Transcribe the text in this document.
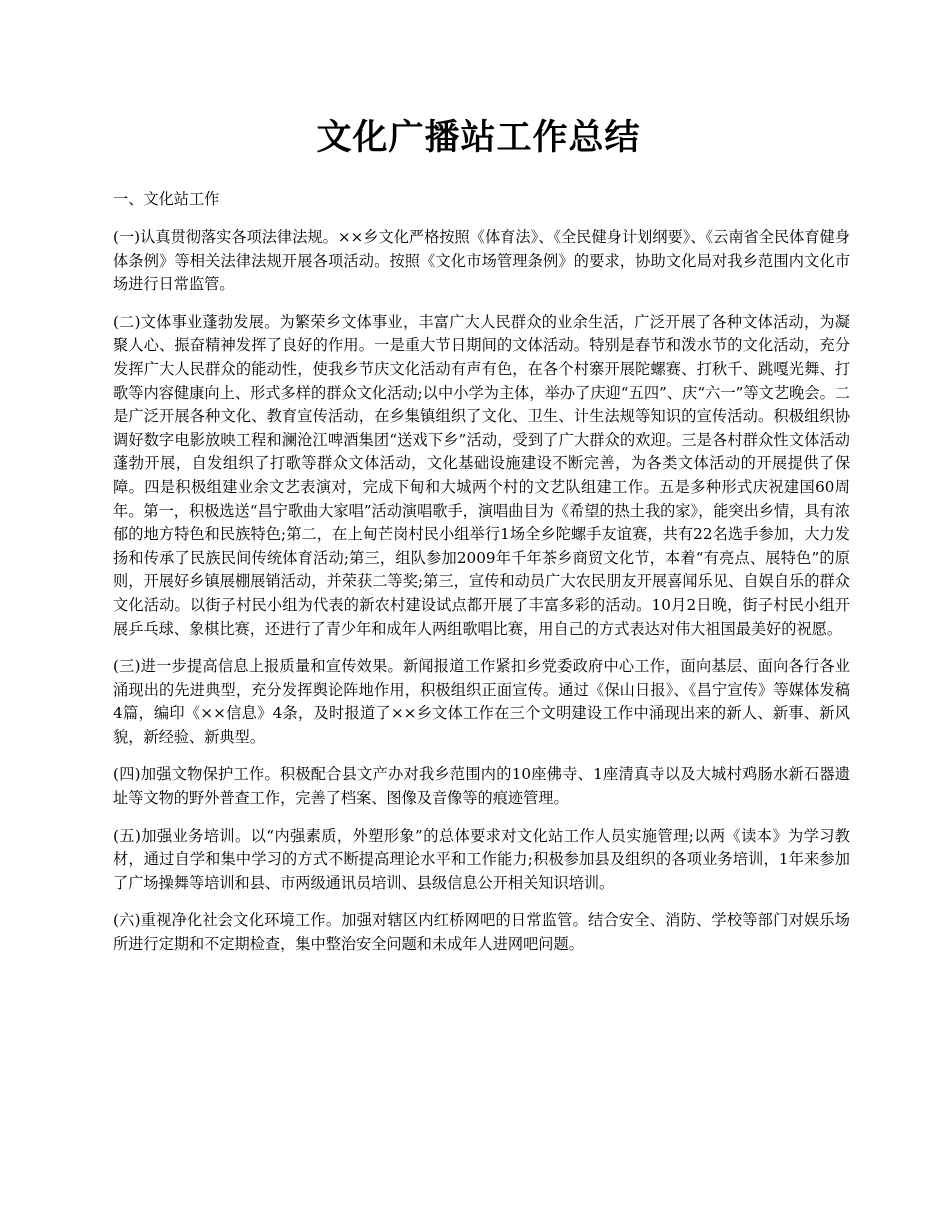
文化广播站工作总结

一、文化站工作

(一)认真贯彻落实各项法律法规。××乡文化严格按照《体育法》、《全民健身计划纲要》、《云南省全民体育健身体条例》等相关法律法规开展各项活动。按照《文化市场管理条例》的要求，协助文化局对我乡范围内文化市场进行日常监管。

(二)文体事业蓬勃发展。为繁荣乡文体事业，丰富广大人民群众的业余生活，广泛开展了各种文体活动，为凝聚人心、振奋精神发挥了良好的作用。一是重大节日期间的文体活动。特别是春节和泼水节的文化活动，充分发挥广大人民群众的能动性，使我乡节庆文化活动有声有色，在各个村寨开展陀螺赛、打秋千、跳嘎光舞、打歌等内容健康向上、形式多样的群众文化活动;以中小学为主体，举办了庆迎“五四”、庆“六一”等文艺晚会。二是广泛开展各种文化、教育宣传活动，在乡集镇组织了文化、卫生、计生法规等知识的宣传活动。积极组织协调好数字电影放映工程和澜沧江啤酒集团“送戏下乡”活动，受到了广大群众的欢迎。三是各村群众性文体活动蓬勃开展，自发组织了打歌等群众文体活动，文化基础设施建设不断完善，为各类文体活动的开展提供了保障。四是积极组建业余文艺表演对，完成下甸和大城两个村的文艺队组建工作。五是多种形式庆祝建国60周年。第一，积极选送“昌宁歌曲大家唱”活动演唱歌手，演唱曲目为《希望的热土我的家》，能突出乡情，具有浓郁的地方特色和民族特色;第二，在上甸芒岗村民小组举行1场全乡陀螺手友谊赛，共有22名选手参加，大力发扬和传承了民族民间传统体育活动;第三，组队参加2009年千年茶乡商贸文化节，本着“有亮点、展特色”的原则，开展好乡镇展棚展销活动，并荣获二等奖;第三，宣传和动员广大农民朋友开展喜闻乐见、自娱自乐的群众文化活动。以街子村民小组为代表的新农村建设试点都开展了丰富多彩的活动。10月2日晚，街子村民小组开展乒乓球、象棋比赛，还进行了青少年和成年人两组歌唱比赛，用自己的方式表达对伟大祖国最美好的祝愿。

(三)进一步提高信息上报质量和宣传效果。新闻报道工作紧扣乡党委政府中心工作，面向基层、面向各行各业涌现出的先进典型，充分发挥舆论阵地作用，积极组织正面宣传。通过《保山日报》、《昌宁宣传》等媒体发稿4篇，编印《××信息》4条，及时报道了××乡文体工作在三个文明建设工作中涌现出来的新人、新事、新风貌，新经验、新典型。

(四)加强文物保护工作。积极配合县文产办对我乡范围内的10座佛寺、1座清真寺以及大城村鸡肠水新石器遗址等文物的野外普查工作，完善了档案、图像及音像等的痕迹管理。

(五)加强业务培训。以“内强素质，外塑形象”的总体要求对文化站工作人员实施管理;以两《读本》为学习教材，通过自学和集中学习的方式不断提高理论水平和工作能力;积极参加县及组织的各项业务培训，1年来参加了广场操舞等培训和县、市两级通讯员培训、县级信息公开相关知识培训。

(六)重视净化社会文化环境工作。加强对辖区内红桥网吧的日常监管。结合安全、消防、学校等部门对娱乐场所进行定期和不定期检查，集中整治安全问题和未成年人进网吧问题。
